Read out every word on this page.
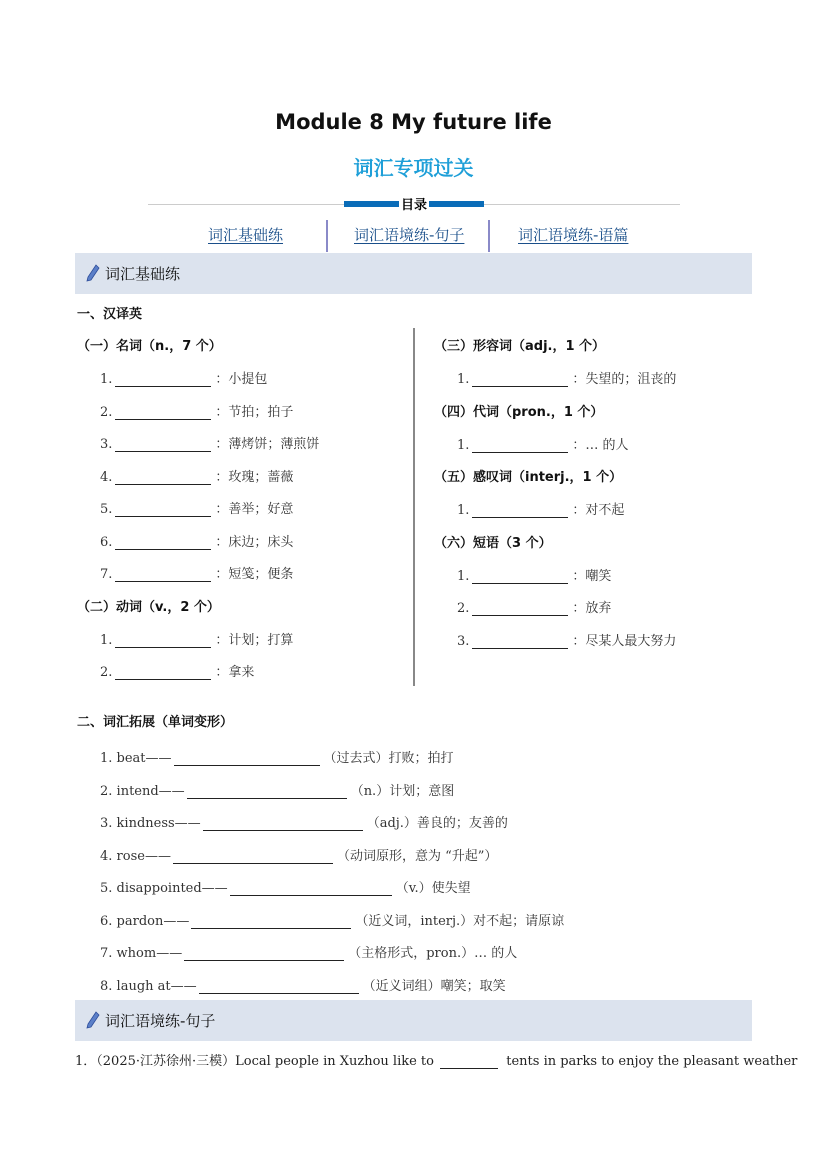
Module 8 My future life
词汇专项过关
目录
词汇基础练	词汇语境练-句子	词汇语境练-语篇
词汇基础练
一、汉译英
（一）名词（n.，7 个）
1.	：小提包
2.	：节拍；拍子
3.	：薄烤饼；薄煎饼
4.	：玫瑰；蔷薇
5.	：善举；好意
6.	：床边；床头
7.	：短笺；便条
（二）动词（v.，2 个）
1.	：计划；打算
2.	：拿来
（三）形容词（adj.，1 个）
1.	：失望的；沮丧的
（四）代词（pron.，1 个）
1.	：… 的人
（五）感叹词（interj.，1 个）
1.	：对不起
（六）短语（3 个）
1.	：嘲笑
2.	：放弃
3.	：尽某人最大努力
二、词汇拓展（单词变形）
1. beat——	（过去式）打败；拍打
2. intend——	（n.）计划；意图
3. kindness——	（adj.）善良的；友善的
4. rose——	（动词原形，意为 “升起”）
5. disappointed——	（v.）使失望
6. pardon——	（近义词，interj.）对不起；请原谅
7. whom——	（主格形式，pron.）… 的人
8. laugh at——	（近义词组）嘲笑；取笑
词汇语境练-句子
1．（2025·江苏徐州·三模）Local people in Xuzhou like to	tents in parks to enjoy the pleasant weather
